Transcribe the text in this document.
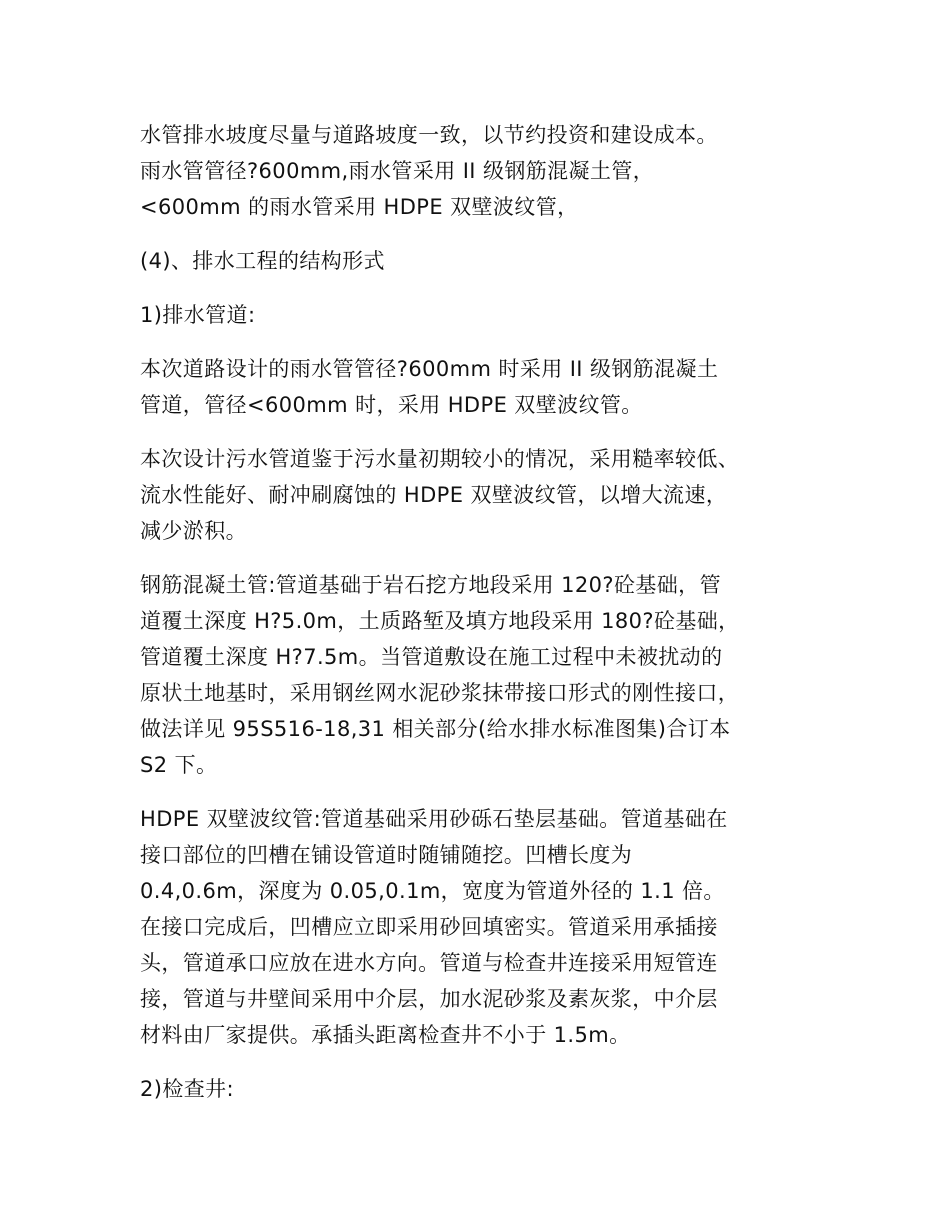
水管排水坡度尽量与道路坡度一致，以节约投资和建设成本。
雨水管管径?600mm,雨水管采用 II 级钢筋混凝土管，
<600mm 的雨水管采用 HDPE 双壁波纹管，

(4)、排水工程的结构形式

1)排水管道:

本次道路设计的雨水管管径?600mm 时采用 II 级钢筋混凝土
管道，管径<600mm 时，采用 HDPE 双壁波纹管。

本次设计污水管道鉴于污水量初期较小的情况，采用糙率较低、
流水性能好、耐冲刷腐蚀的 HDPE 双壁波纹管，以增大流速，
减少淤积。

钢筋混凝土管:管道基础于岩石挖方地段采用 120?砼基础，管
道覆土深度 H?5.0m，土质路堑及填方地段采用 180?砼基础，
管道覆土深度 H?7.5m。当管道敷设在施工过程中未被扰动的
原状土地基时，采用钢丝网水泥砂浆抹带接口形式的刚性接口，
做法详见 95S516-18,31 相关部分(给水排水标准图集)合订本
S2 下。

HDPE 双壁波纹管:管道基础采用砂砾石垫层基础。管道基础在
接口部位的凹槽在铺设管道时随铺随挖。凹槽长度为
0.4,0.6m，深度为 0.05,0.1m，宽度为管道外径的 1.1 倍。
在接口完成后，凹槽应立即采用砂回填密实。管道采用承插接
头，管道承口应放在进水方向。管道与检查井连接采用短管连
接，管道与井壁间采用中介层，加水泥砂浆及素灰浆，中介层
材料由厂家提供。承插头距离检查井不小于 1.5m。

2)检查井:
